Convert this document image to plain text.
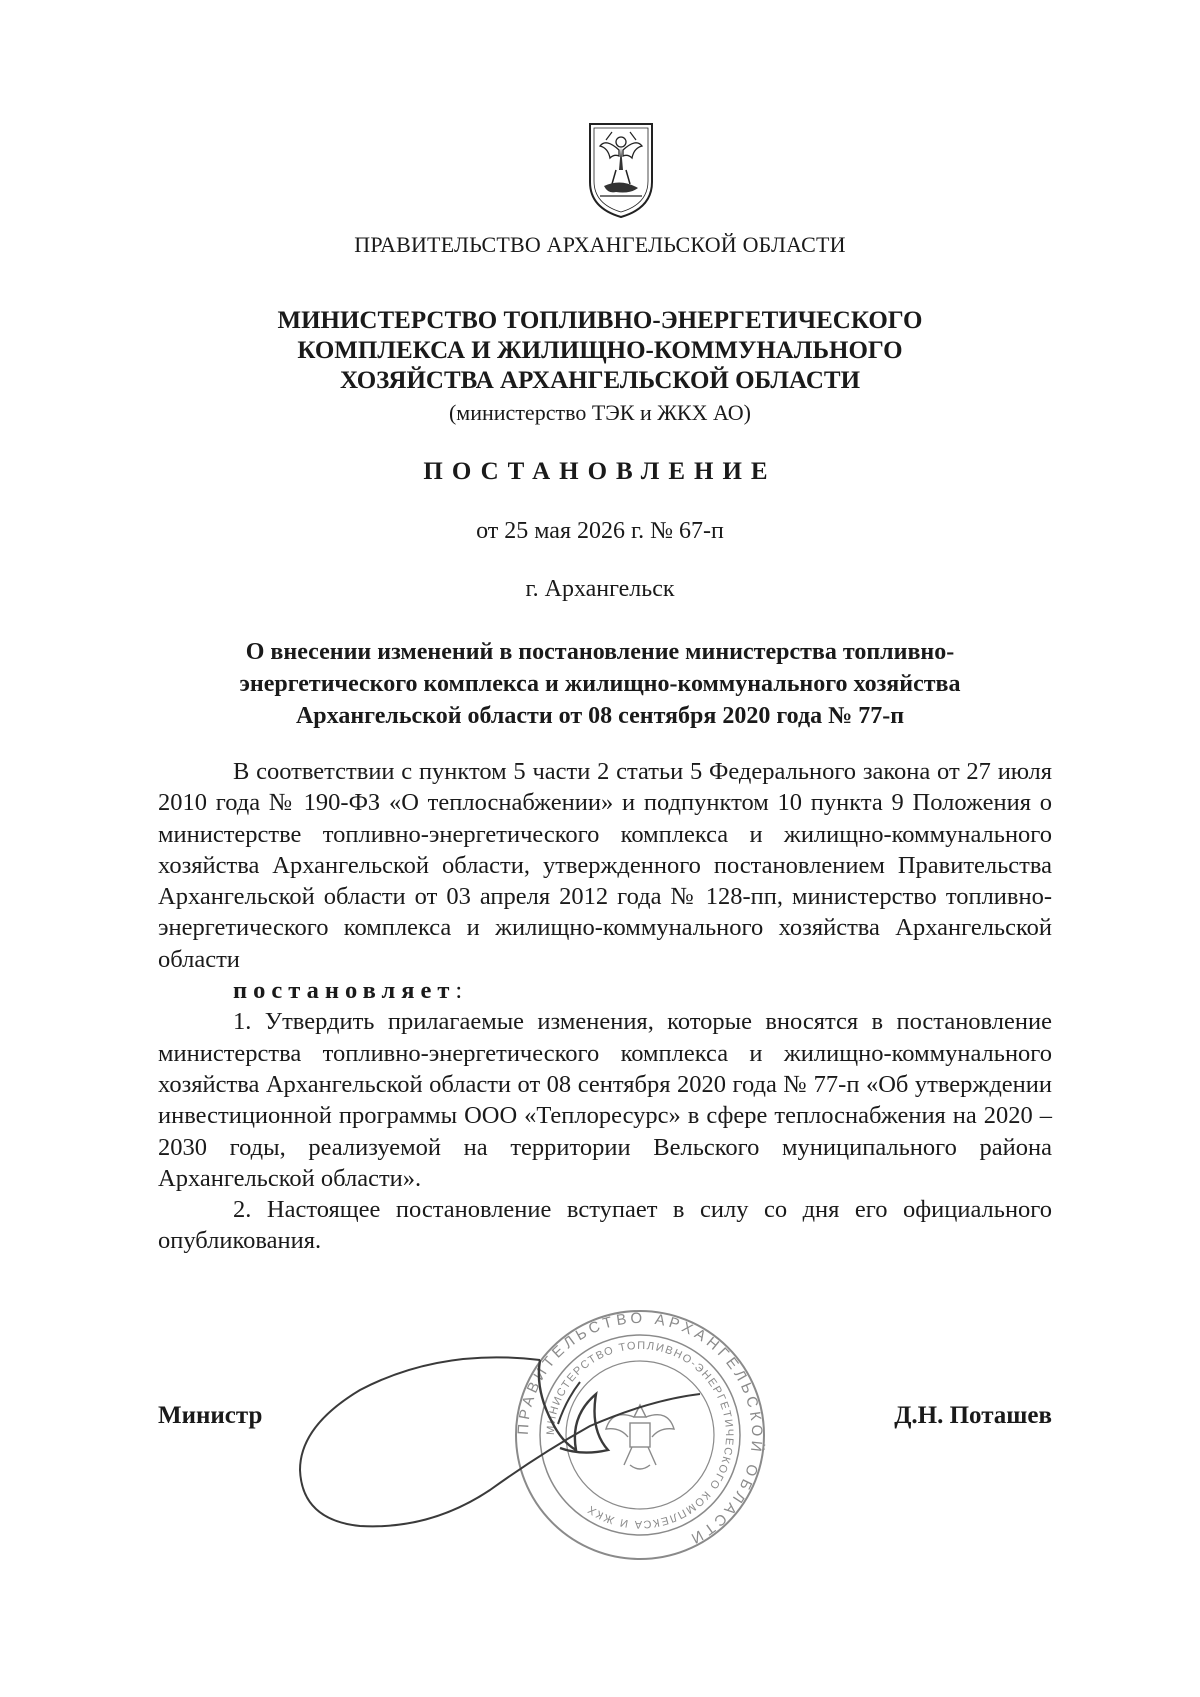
ПРАВИТЕЛЬСТВО АРХАНГЕЛЬСКОЙ ОБЛАСТИ
МИНИСТЕРСТВО ТОПЛИВНО-ЭНЕРГЕТИЧЕСКОГО
КОМПЛЕКСА И ЖИЛИЩНО-КОММУНАЛЬНОГО
ХОЗЯЙСТВА АРХАНГЕЛЬСКОЙ ОБЛАСТИ
(министерство ТЭК и ЖКХ АО)
ПОСТАНОВЛЕНИЕ
от 25 мая 2026 г. № 67-п
г. Архангельск
О внесении изменений в постановление министерства топливно-
энергетического комплекса и жилищно-коммунального хозяйства
Архангельской области от 08 сентября 2020 года № 77-п

В соответствии с пунктом 5 части 2 статьи 5 Федерального закона от 27 июля 2010 года № 190-ФЗ «О теплоснабжении» и подпунктом 10 пункта 9 Положения о министерстве топливно-энергетического комплекса и жилищно-коммунального хозяйства Архангельской области, утвержденного постановлением Правительства Архангельской области от 03 апреля 2012 года № 128-пп, министерство топливно-энергетического комплекса и жилищно-коммунального хозяйства Архангельской области

постановляет:

1. Утвердить прилагаемые изменения, которые вносятся в постановление министерства топливно-энергетического комплекса и жилищно-коммунального хозяйства Архангельской области от 08 сентября 2020 года № 77-п «Об утверждении инвестиционной программы ООО «Теплоресурс» в сфере теплоснабжения на 2020 – 2030 годы, реализуемой на территории Вельского муниципального района Архангельской области».

2. Настоящее постановление вступает в силу со дня его официального опубликования.

ПРАВИТЕЛЬСТВО АРХАНГЕЛЬСКОЙ ОБЛАСТИ
МИНИСТЕРСТВО ТОПЛИВНО-ЭНЕРГЕТИЧЕСКОГО КОМПЛЕКСА И ЖКХ
Министр	Д.Н. Поташев
